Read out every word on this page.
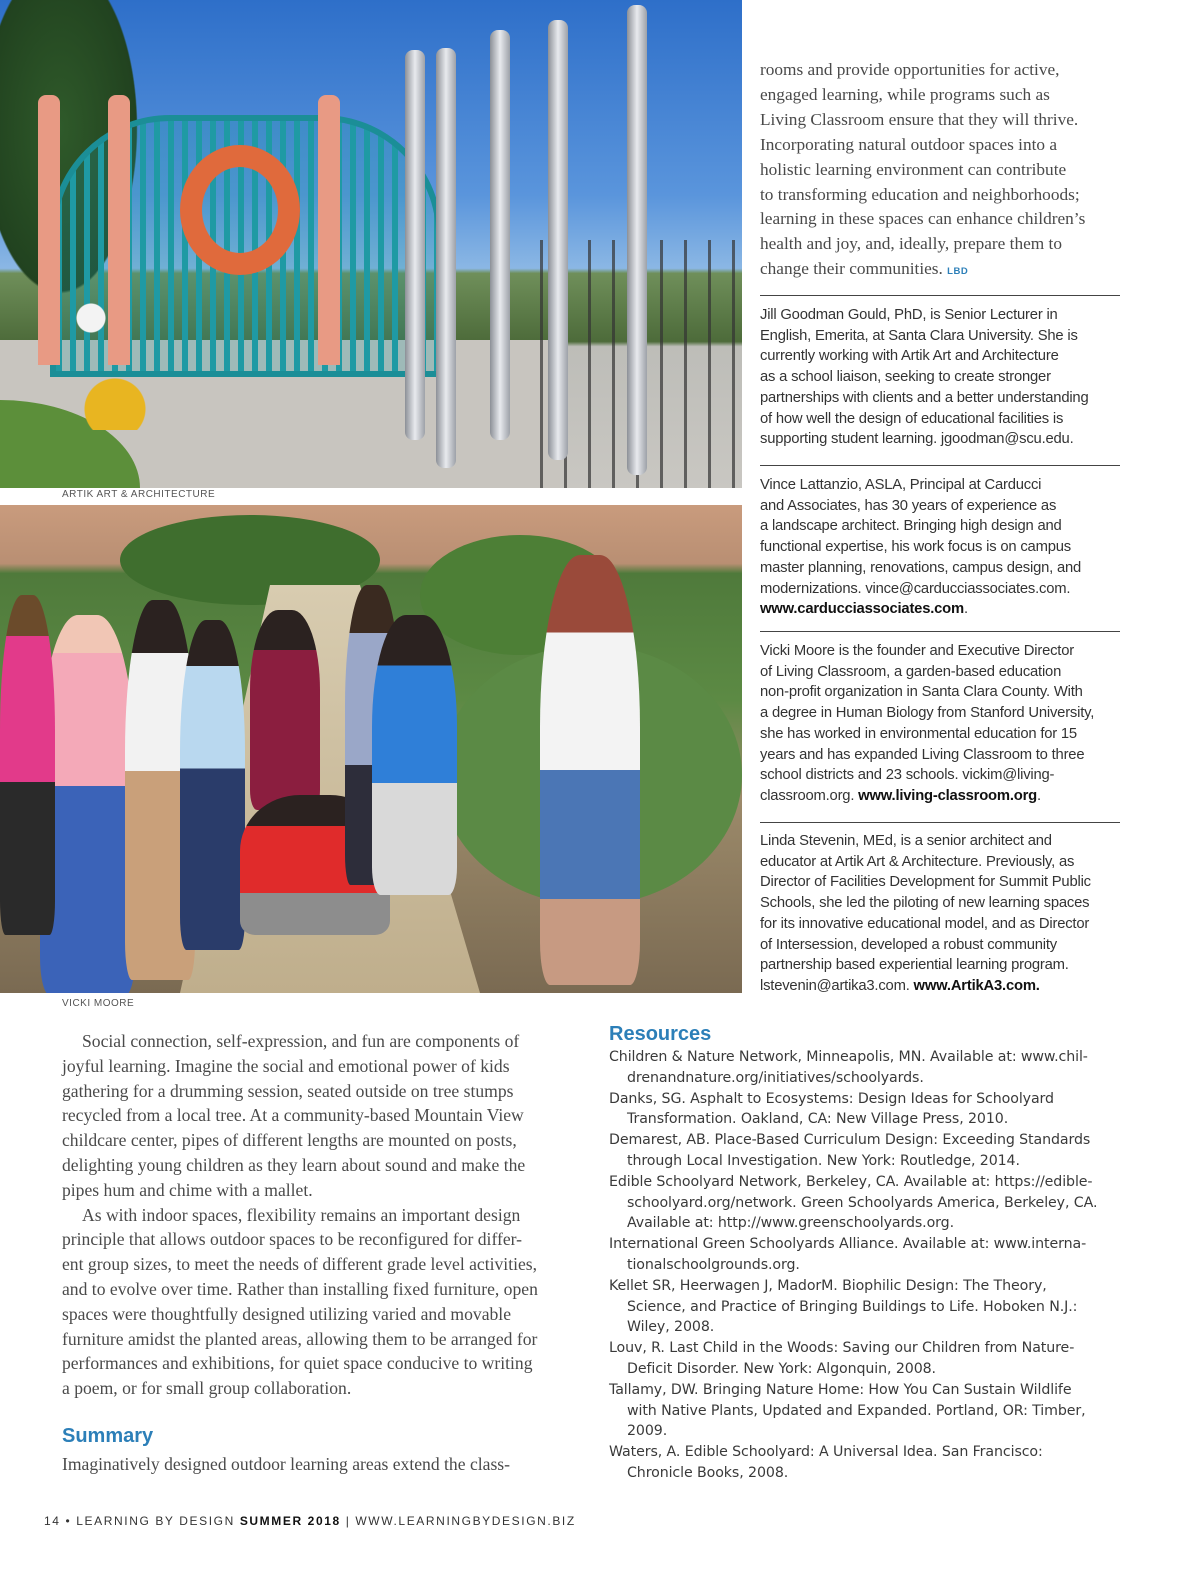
ARTIK ART & ARCHITECTURE
VICKI MOORE
rooms and provide opportunities for active,
engaged learning, while programs such as
Living Classroom ensure that they will thrive.
Incorporating natural outdoor spaces into a
holistic learning environment can contribute
to transforming education and neighborhoods;
learning in these spaces can enhance children’s
health and joy, and, ideally, prepare them to
change their communities. LBD
Jill Goodman Gould, PhD, is Senior Lecturer in
English, Emerita, at Santa Clara University. She is
currently working with Artik Art and Architecture
as a school liaison, seeking to create stronger
partnerships with clients and a better understanding
of how well the design of educational facilities is
supporting student learning. jgoodman@scu.edu.
Vince Lattanzio, ASLA, Principal at Carducci
and Associates, has 30 years of experience as
a landscape architect. Bringing high design and
functional expertise, his work focus is on campus
master planning, renovations, campus design, and
modernizations. vince@carducciassociates.com.
www.carducciassociates.com.
Vicki Moore is the founder and Executive Director
of Living Classroom, a garden-based education
non-profit organization in Santa Clara County. With
a degree in Human Biology from Stanford University,
she has worked in environmental education for 15
years and has expanded Living Classroom to three
school districts and 23 schools. vickim@living-
classroom.org. www.living-classroom.org.
Linda Stevenin, MEd, is a senior architect and
educator at Artik Art & Architecture. Previously, as
Director of Facilities Development for Summit Public
Schools, she led the piloting of new learning spaces
for its innovative educational model, and as Director
of Intersession, developed a robust community
partnership based experiential learning program.
lstevenin@artika3.com. www.ArtikA3.com.
Social connection, self-expression, and fun are components of
joyful learning. Imagine the social and emotional power of kids
gathering for a drumming session, seated outside on tree stumps
recycled from a local tree. At a community-based Mountain View
childcare center, pipes of different lengths are mounted on posts,
delighting young children as they learn about sound and make the
pipes hum and chime with a mallet.
As with indoor spaces, flexibility remains an important design
principle that allows outdoor spaces to be reconfigured for differ-
ent group sizes, to meet the needs of different grade level activities,
and to evolve over time. Rather than installing fixed furniture, open
spaces were thoughtfully designed utilizing varied and movable
furniture amidst the planted areas, allowing them to be arranged for
performances and exhibitions, for quiet space conducive to writing
a poem, or for small group collaboration.
Summary
Imaginatively designed outdoor learning areas extend the class-
Resources
Children & Nature Network, Minneapolis, MN. Available at: www.chil-
drenandnature.org/initiatives/schoolyards.
Danks, SG. Asphalt to Ecosystems: Design Ideas for Schoolyard
Transformation. Oakland, CA: New Village Press, 2010.
Demarest, AB. Place-Based Curriculum Design: Exceeding Standards
through Local Investigation. New York: Routledge, 2014.
Edible Schoolyard Network, Berkeley, CA. Available at: https://edible-
schoolyard.org/network. Green Schoolyards America, Berkeley, CA.
Available at: http://www.greenschoolyards.org.
International Green Schoolyards Alliance. Available at: www.interna-
tionalschoolgrounds.org.
Kellet SR, Heerwagen J, MadorM. Biophilic Design: The Theory,
Science, and Practice of Bringing Buildings to Life. Hoboken N.J.:
Wiley, 2008.
Louv, R. Last Child in the Woods: Saving our Children from Nature-
Deficit Disorder. New York: Algonquin, 2008.
Tallamy, DW. Bringing Nature Home: How You Can Sustain Wildlife
with Native Plants, Updated and Expanded. Portland, OR: Timber,
2009.
Waters, A. Edible Schoolyard: A Universal Idea. San Francisco:
Chronicle Books, 2008.
14 • LEARNING BY DESIGN SUMMER 2018 | WWW.LEARNINGBYDESIGN.BIZ
